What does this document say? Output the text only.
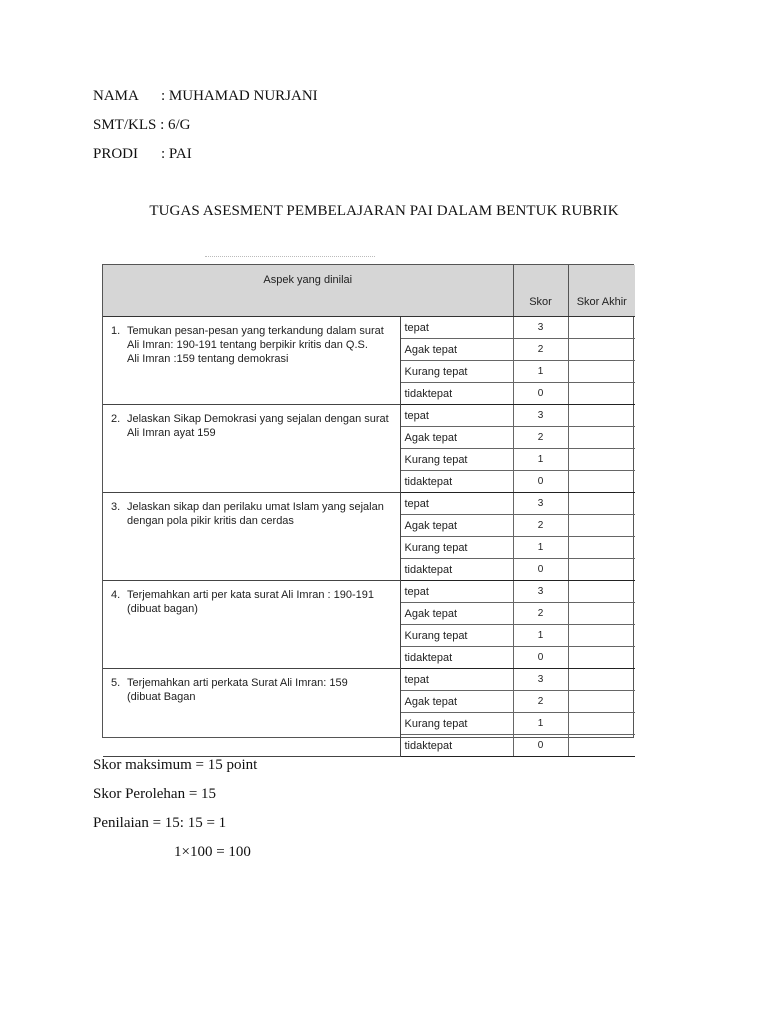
NAMA : MUHAMAD NURJANI
SMT/KLS : 6/G
PRODI : PAI
TUGAS ASESMENT PEMBELAJARAN PAI DALAM BENTUK RUBRIK
Aspek yang dinilai		Skor	Skor Akhir

1. Temukan pesan-pesan yang terkandung dalam surat
Ali Imran: 190-191 tentang berpikir kritis dan Q.S.
Ali Imran :159 tentang demokrasi	tepat	3	
	Agak tepat	2	
	Kurang tepat	1	
	tidaktepat	0	

2. Jelaskan Sikap Demokrasi yang sejalan dengan surat
Ali Imran ayat 159	tepat	3	
	Agak tepat	2	
	Kurang tepat	1	
	tidaktepat	0	

3. Jelaskan sikap dan perilaku umat Islam yang sejalan
dengan pola pikir kritis dan cerdas	tepat	3	
	Agak tepat	2	
	Kurang tepat	1	
	tidaktepat	0	

4. Terjemahkan arti per kata surat Ali Imran : 190-191
(dibuat bagan)	tepat	3	
	Agak tepat	2	
	Kurang tepat	1	
	tidaktepat	0	

5. Terjemahkan arti perkata Surat Ali Imran: 159
(dibuat Bagan	tepat	3	
	Agak tepat	2	
	Kurang tepat	1	
	tidaktepat	0	
Skor maksimum = 15 point
Skor Perolehan = 15
Penilaian = 15: 15 = 1
1×100 = 100
